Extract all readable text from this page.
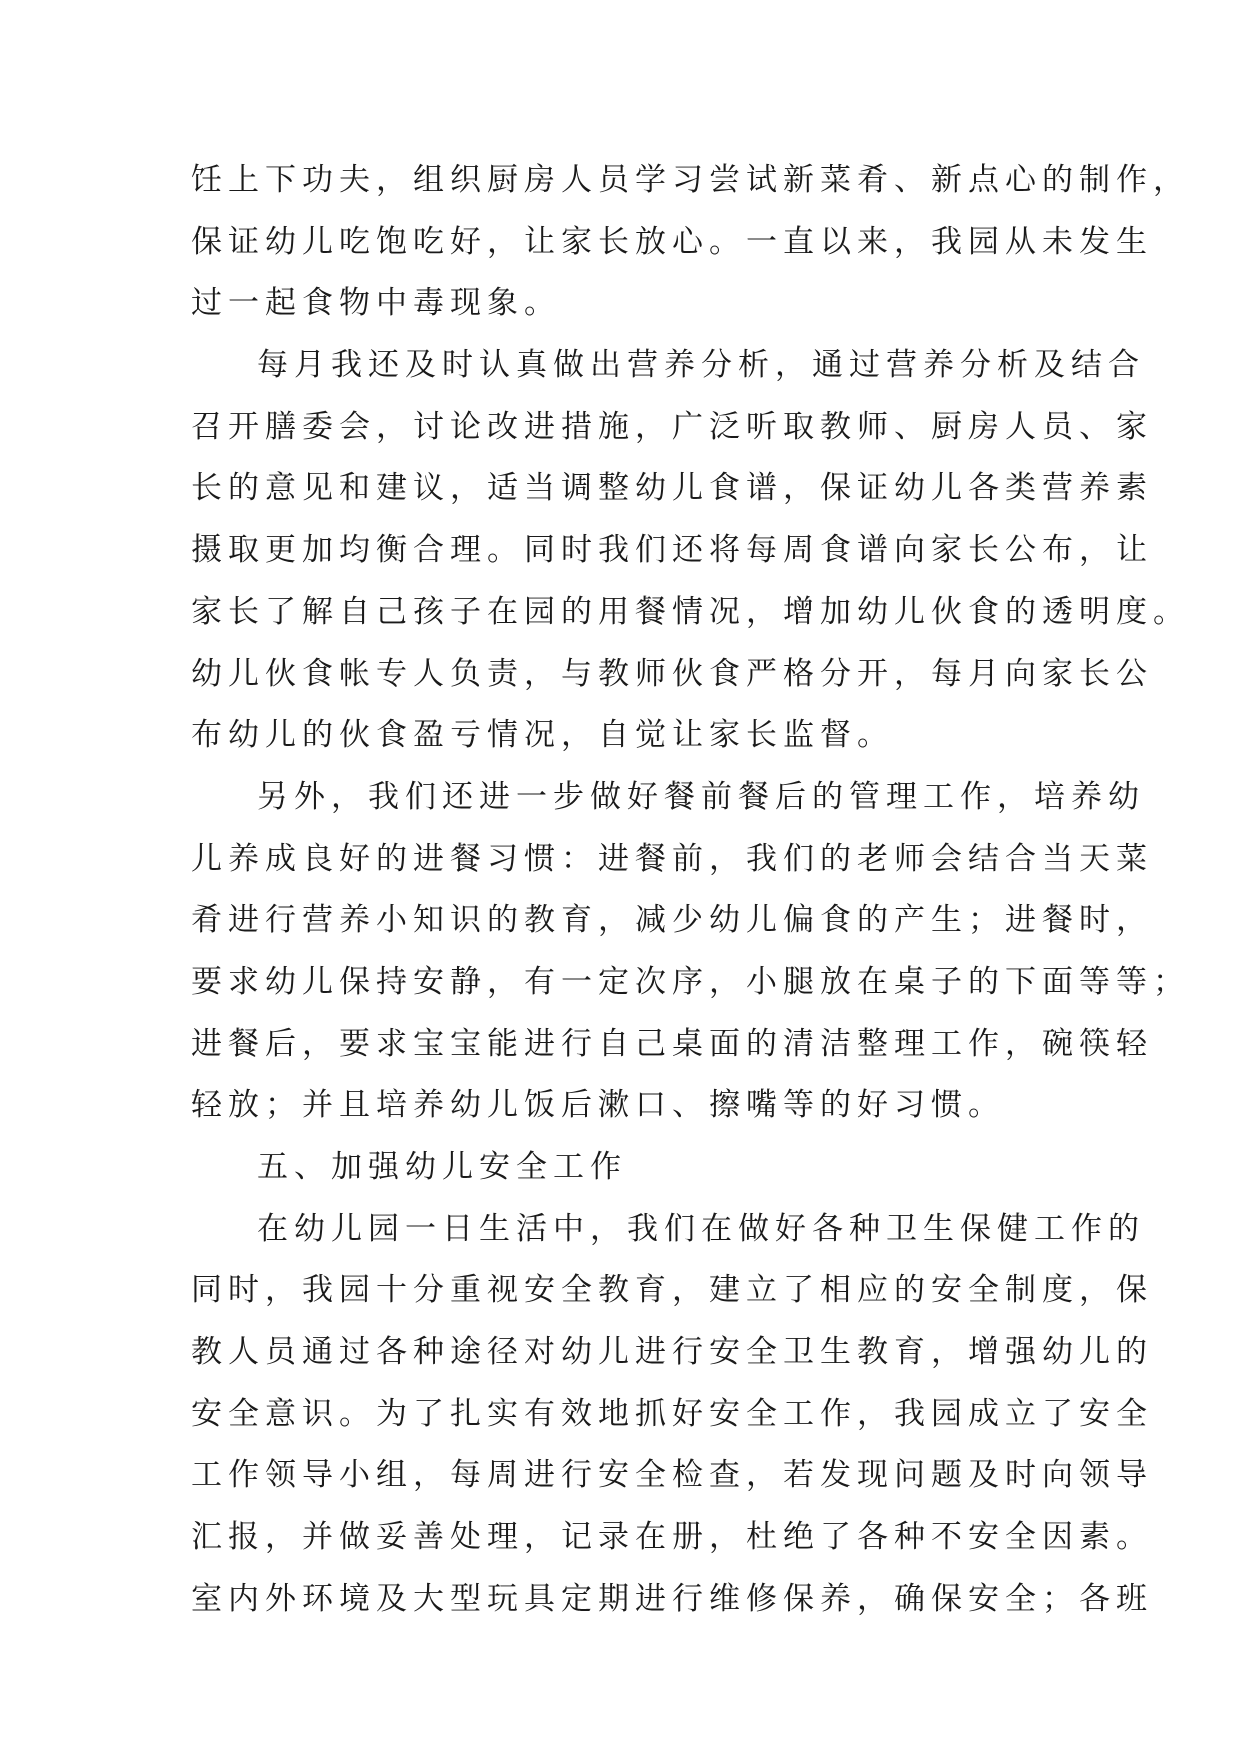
饪上下功夫，组织厨房人员学习尝试新菜肴、新点心的制作，
保证幼儿吃饱吃好，让家长放心。一直以来，我园从未发生
过一起食物中毒现象。
每月我还及时认真做出营养分析，通过营养分析及结合
召开膳委会，讨论改进措施，广泛听取教师、厨房人员、家
长的意见和建议，适当调整幼儿食谱，保证幼儿各类营养素
摄取更加均衡合理。同时我们还将每周食谱向家长公布，让
家长了解自己孩子在园的用餐情况，增加幼儿伙食的透明度。
幼儿伙食帐专人负责，与教师伙食严格分开，每月向家长公
布幼儿的伙食盈亏情况，自觉让家长监督。
另外，我们还进一步做好餐前餐后的管理工作，培养幼
儿养成良好的进餐习惯：进餐前，我们的老师会结合当天菜
肴进行营养小知识的教育，减少幼儿偏食的产生；进餐时，
要求幼儿保持安静，有一定次序，小腿放在桌子的下面等等；
进餐后，要求宝宝能进行自己桌面的清洁整理工作，碗筷轻
轻放；并且培养幼儿饭后漱口、擦嘴等的好习惯。
五、加强幼儿安全工作
在幼儿园一日生活中，我们在做好各种卫生保健工作的
同时，我园十分重视安全教育，建立了相应的安全制度，保
教人员通过各种途径对幼儿进行安全卫生教育，增强幼儿的
安全意识。为了扎实有效地抓好安全工作，我园成立了安全
工作领导小组，每周进行安全检查，若发现问题及时向领导
汇报，并做妥善处理，记录在册，杜绝了各种不安全因素。
室内外环境及大型玩具定期进行维修保养，确保安全；各班
